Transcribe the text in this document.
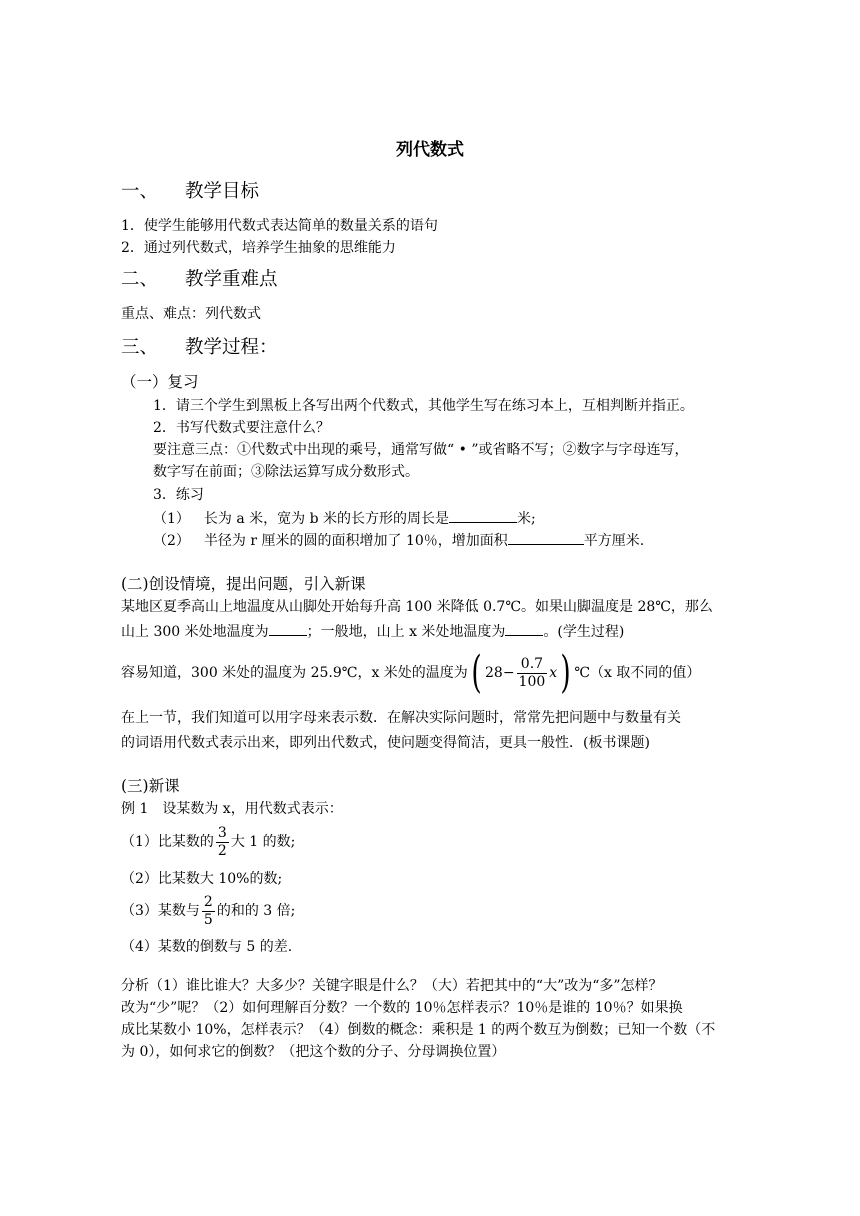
列代数式
一、 教学目标
1．使学生能够用代数式表达简单的数量关系的语句
2．通过列代数式，培养学生抽象的思维能力
二、 教学重难点
重点、难点：列代数式
三、 教学过程：
（一）复习
1．请三个学生到黑板上各写出两个代数式，其他学生写在练习本上，互相判断并指正。
2．书写代数式要注意什么？
要注意三点：①代数式中出现的乘号，通常写做“ • ”或省略不写；②数字与字母连写，
数字写在前面；③除法运算写成分数形式。
3．练习
（1） 长为 a 米，宽为 b 米的长方形的周长是	米;
（2） 半径为 r 厘米的圆的面积增加了 10％，增加面积	平方厘米.
(二)创设情境，提出问题，引入新课
某地区夏季高山上地温度从山脚处开始每升高 100 米降低 0.7℃。如果山脚温度是 28℃，那么
山上 300 米处地温度为	；一般地，山上 x 米处地温度为	。(学生过程)
容易知道，300 米处的温度为 25.9℃，x 米处的温度为 ( $28 - \frac{0.7}{100}$ x ) ℃（x 取不同的值）
在上一节，我们知道可以用字母来表示数．在解决实际问题时，常常先把问题中与数量有关
的词语用代数式表示出来，即列出代数式，使问题变得简洁，更具一般性．(板书课题)
(三)新课
例 1　设某数为 x，用代数式表示：
（1）比某数的 $\frac{3}{2}$ 大 1 的数;
（2）比某数大 10%的数;
（3）某数与 $\frac{2}{5}$ 的和的 3 倍;
（4）某数的倒数与 5 的差.
分析（1）谁比谁大？大多少？关键字眼是什么？（大）若把其中的“大”改为“多”怎样？
改为“少”呢？（2）如何理解百分数？一个数的 10％怎样表示？10％是谁的 10％？如果换
成比某数小 10%，怎样表示？（4）倒数的概念：乘积是 1 的两个数互为倒数；已知一个数（不
为 0），如何求它的倒数？（把这个数的分子、分母调换位置）
